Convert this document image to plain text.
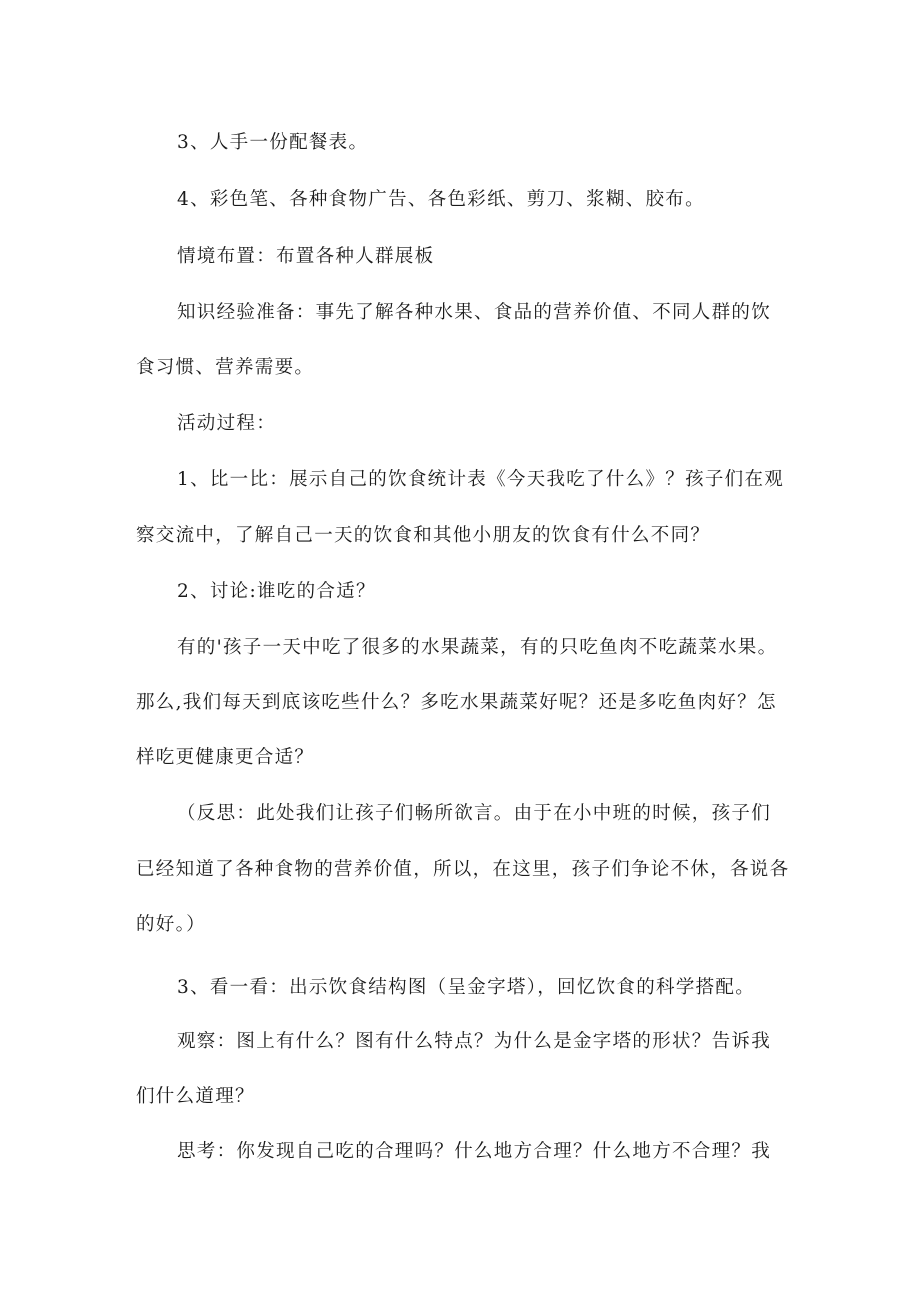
3、人手一份配餐表。
4、彩色笔、各种食物广告、各色彩纸、剪刀、浆糊、胶布。
情境布置：布置各种人群展板
知识经验准备：事先了解各种水果、食品的营养价值、不同人群的饮
食习惯、营养需要。
活动过程：
1、比一比：展示自己的饮食统计表《今天我吃了什么》？孩子们在观
察交流中，了解自己一天的饮食和其他小朋友的饮食有什么不同？
2、讨论:谁吃的合适？
有的'孩子一天中吃了很多的水果蔬菜，有的只吃鱼肉不吃蔬菜水果。
那么,我们每天到底该吃些什么？多吃水果蔬菜好呢？还是多吃鱼肉好？怎
样吃更健康更合适？
（反思：此处我们让孩子们畅所欲言。由于在小中班的时候，孩子们
已经知道了各种食物的营养价值，所以，在这里，孩子们争论不休，各说各
的好。）
3、看一看：出示饮食结构图（呈金字塔），回忆饮食的科学搭配。
观察：图上有什么？图有什么特点？为什么是金字塔的形状？告诉我
们什么道理？
思考：你发现自己吃的合理吗？什么地方合理？什么地方不合理？我
